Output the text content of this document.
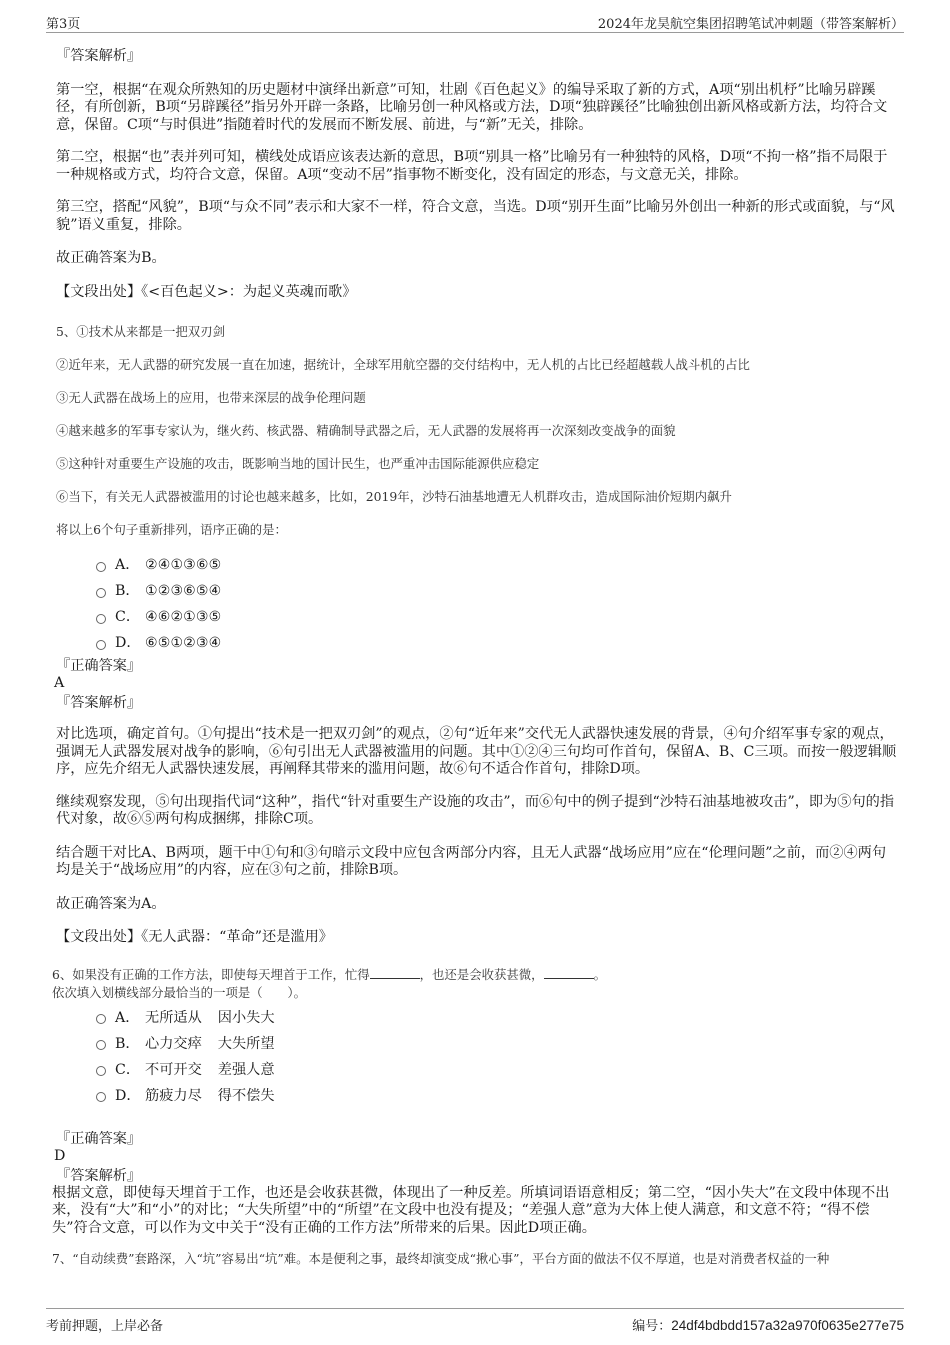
第3页	2024年龙昊航空集团招聘笔试冲刺题（带答案解析）

『答案解析』

第一空，根据“在观众所熟知的历史题材中演绎出新意”可知，壮剧《百色起义》的编导采取了新的方式，A项“别出机杼”比喻另辟蹊径，有所创新，B项“另辟蹊径”指另外开辟一条路，比喻另创一种风格或方法，D项“独辟蹊径”比喻独创出新风格或新方法，均符合文意，保留。C项“与时俱进”指随着时代的发展而不断发展、前进，与“新”无关，排除。

第二空，根据“也”表并列可知，横线处成语应该表达新的意思，B项“别具一格”比喻另有一种独特的风格，D项“不拘一格”指不局限于一种规格或方式，均符合文意，保留。A项“变动不居”指事物不断变化，没有固定的形态，与文意无关，排除。

第三空，搭配“风貌”，B项“与众不同”表示和大家不一样，符合文意，当选。D项“别开生面”比喻另外创出一种新的形式或面貌，与“风貌”语义重复，排除。

故正确答案为B。

【文段出处】《<百色起义>：为起义英魂而歌》

5、①技术从来都是一把双刃剑

②近年来，无人武器的研究发展一直在加速，据统计，全球军用航空器的交付结构中，无人机的占比已经超越载人战斗机的占比

③无人武器在战场上的应用，也带来深层的战争伦理问题

④越来越多的军事专家认为，继火药、核武器、精确制导武器之后，无人武器的发展将再一次深刻改变战争的面貌

⑤这种针对重要生产设施的攻击，既影响当地的国计民生，也严重冲击国际能源供应稳定

⑥当下，有关无人武器被滥用的讨论也越来越多，比如，2019年，沙特石油基地遭无人机群攻击，造成国际油价短期内飙升

将以上6个句子重新排列，语序正确的是：

A． ②④①③⑥⑤
B． ①②③⑥⑤④
C． ④⑥②①③⑤
D． ⑥⑤①②③④

『正确答案』

A

『答案解析』

对比选项，确定首句。①句提出“技术是一把双刃剑”的观点，②句“近年来”交代无人武器快速发展的背景，④句介绍军事专家的观点，强调无人武器发展对战争的影响，⑥句引出无人武器被滥用的问题。其中①②④三句均可作首句，保留A、B、C三项。而按一般逻辑顺序，应先介绍无人武器快速发展，再阐释其带来的滥用问题，故⑥句不适合作首句，排除D项。

继续观察发现，⑤句出现指代词“这种”，指代“针对重要生产设施的攻击”，而⑥句中的例子提到“沙特石油基地被攻击”，即为⑤句的指代对象，故⑥⑤两句构成捆绑，排除C项。

结合题干对比A、B两项，题干中①句和③句暗示文段中应包含两部分内容，且无人武器“战场应用”应在“伦理问题”之前，而②④两句均是关于“战场应用”的内容，应在③句之前，排除B项。

故正确答案为A。

【文段出处】《无人武器：“革命”还是滥用》

6、如果没有正确的工作方法，即使每天埋首于工作，忙得	，也还是会收获甚微，	。

依次填入划横线部分最恰当的一项是（　　）。

A． 无所适从 因小失大
B． 心力交瘁 大失所望
C． 不可开交 差强人意
D． 筋疲力尽 得不偿失

『正确答案』

D

『答案解析』

根据文意，即使每天埋首于工作，也还是会收获甚微，体现出了一种反差。所填词语语意相反；第二空，“因小失大”在文段中体现不出来，没有“大”和“小”的对比；“大失所望”中的“所望”在文段中也没有提及；“差强人意”意为大体上使人满意，和文意不符；“得不偿失”符合文意，可以作为文中关于“没有正确的工作方法”所带来的后果。因此D项正确。

7、“自动续费”套路深，入“坑”容易出“坑”难。本是便利之事，最终却演变成“揪心事”，平台方面的做法不仅不厚道，也是对消费者权益的一种

考前押题，上岸必备	编号：24df4bdbdd157a32a970f0635e277e75
